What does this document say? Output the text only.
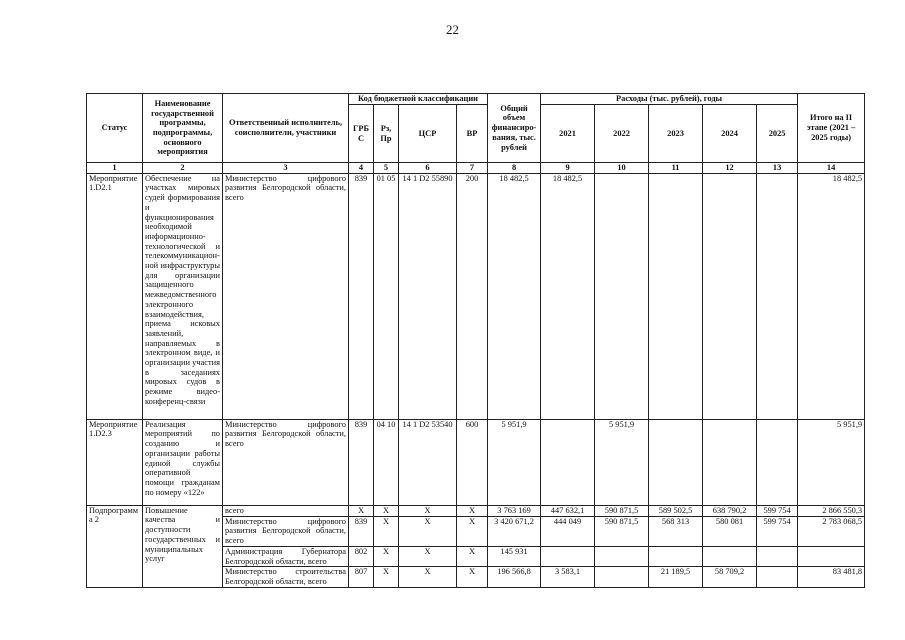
22
Статус	Наименование государственной программы, подпрограммы, основного мероприятия	Ответственный исполнитель, соисполнители, участники	Код бюджетной классификации				Общий объем финансиро-вания, тыс. рублей	Расходы (тыс. рублей), годы					Итого на II этапе (2021 – 2025 годы)
			ГРБС	Рз, Пр	ЦСР	ВР		2021	2022	2023	2024	2025	
1	2	3	4	5	6	7	8	9	10	11	12	13	14
Мероприятие 1.D2.1	Обеспечение на участках мировых судей формирования и функционирования необходимой информационно-технологической и телекоммуникацион-ной инфраструктуры для организации защищенного межведомственного электронного взаимодействия, приема исковых заявлений, направляемых в электронном виде, и организации участия в заседаниях мировых судов в режиме видео-конференц-связи	Министерство цифрового развития Белгородской области, всего	839	01 05	14 1 D2 55890	200	18 482,5	18 482,5					18 482,5
Мероприятие 1.D2.3	Реализация мероприятий по созданию и организации работы единой службы оперативной помощи гражданам по номеру «122»	Министерство цифрового развития Белгородской области, всего	839	04 10	14 1 D2 53540	600	5 951,9		5 951,9				5 951,9
Подпрограмма 2	Повышение качества и доступности государственных и муниципальных услуг	всего	Х	Х	Х	Х	3 763 169	447 632,1	590 871,5	589 502,5	638 790,2	599 754	2 866 550,3
		Министерство цифрового развития Белгородской области, всего	839	Х	Х	Х	3 420 671,2	444 049	590 871,5	568 313	580 081	599 754	2 783 068,5
		Администрация Губернатора Белгородской области, всего	802	Х	Х	Х	145 931						
		Министерство строительства Белгородской области, всего	807	Х	Х	Х	196 566,8	3 583,1		21 189,5	58 709,2		83 481,8
